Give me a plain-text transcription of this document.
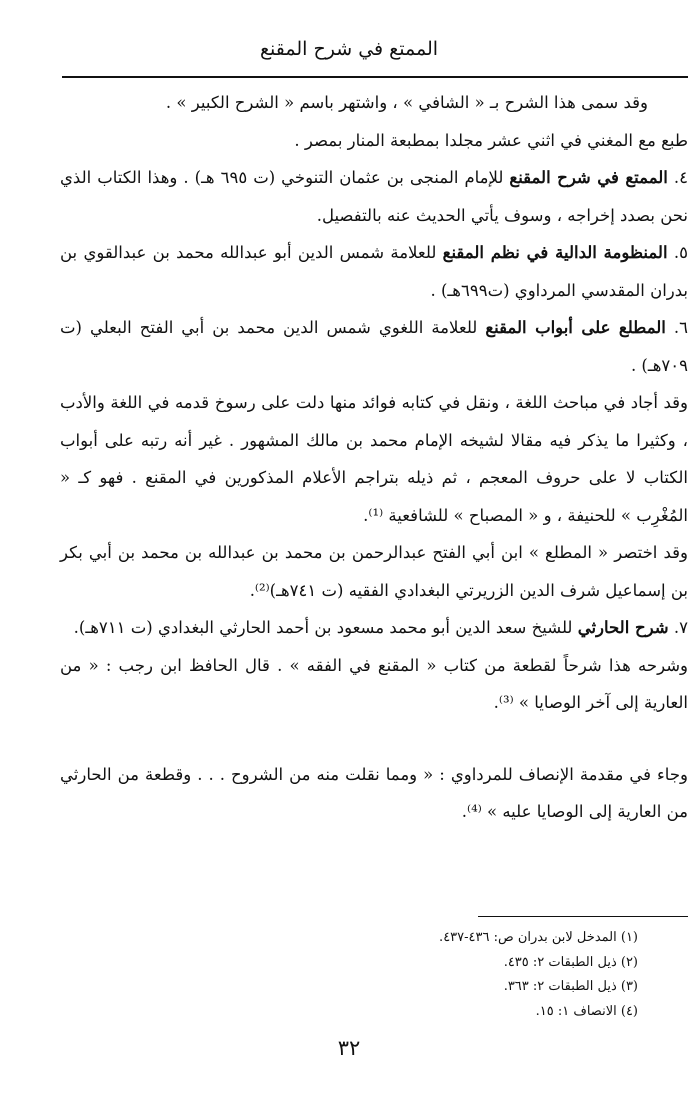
الممتع في شرح المقنع

وقد سمى هذا الشرح بـ « الشافي » ، واشتهر باسم « الشرح الكبير » .

طبع مع المغني في اثني عشر مجلدا بمطبعة المنار بمصر .

٤. الممتع في شرح المقنع للإمام المنجى بن عثمان التنوخي (ت ٦٩٥ هـ) . وهذا الكتاب الذي نحن بصدد إخراجه ، وسوف يأتي الحديث عنه بالتفصيل.

٥. المنظومة الدالية في نظم المقنع للعلامة شمس الدين أبو عبدالله محمد بن عبدالقوي بن بدران المقدسي المرداوي (ت٦٩٩هـ) .

٦. المطلع على أبواب المقنع للعلامة اللغوي شمس الدين محمد بن أبي الفتح البعلي (ت ٧٠٩هـ) .

وقد أجاد في مباحث اللغة ، ونقل في كتابه فوائد منها دلت على رسوخ قدمه في اللغة والأدب ، وكثيرا ما يذكر فيه مقالا لشيخه الإمام محمد بن مالك المشهور . غير أنه رتبه على أبواب الكتاب لا على حروف المعجم ، ثم ذيله بتراجم الأعلام المذكورين في المقنع . فهو كـ « المُغْرِب » للحنيفة ، و « المصباح » للشافعية ⁽¹⁾.

وقد اختصر « المطلع » ابن أبي الفتح عبدالرحمن بن محمد بن عبدالله بن محمد بن أبي بكر بن إسماعيل شرف الدين الزريرتي البغدادي الفقيه (ت ٧٤١هـ)⁽²⁾.

٧. شرح الحارثي للشيخ سعد الدين أبو محمد مسعود بن أحمد الحارثي البغدادي (ت ٧١١هـ).

وشرحه هذا شرحاً لقطعة من كتاب « المقنع في الفقه » . قال الحافظ ابن رجب : « من العارية إلى آخر الوصايا » ⁽³⁾.

وجاء في مقدمة الإنصاف للمرداوي : « ومما نقلت منه من الشروح . . . وقطعة من الحارثي من العارية إلى الوصايا عليه » ⁽⁴⁾.

(١) المدخل لابن بدران ص: ٤٣٦-٤٣٧.

(٢) ذيل الطبقات ٢: ٤٣٥.

(٣) ذيل الطبقات ٢: ٣٦٣.

(٤) الانصاف ١: ١٥.

٣٢
